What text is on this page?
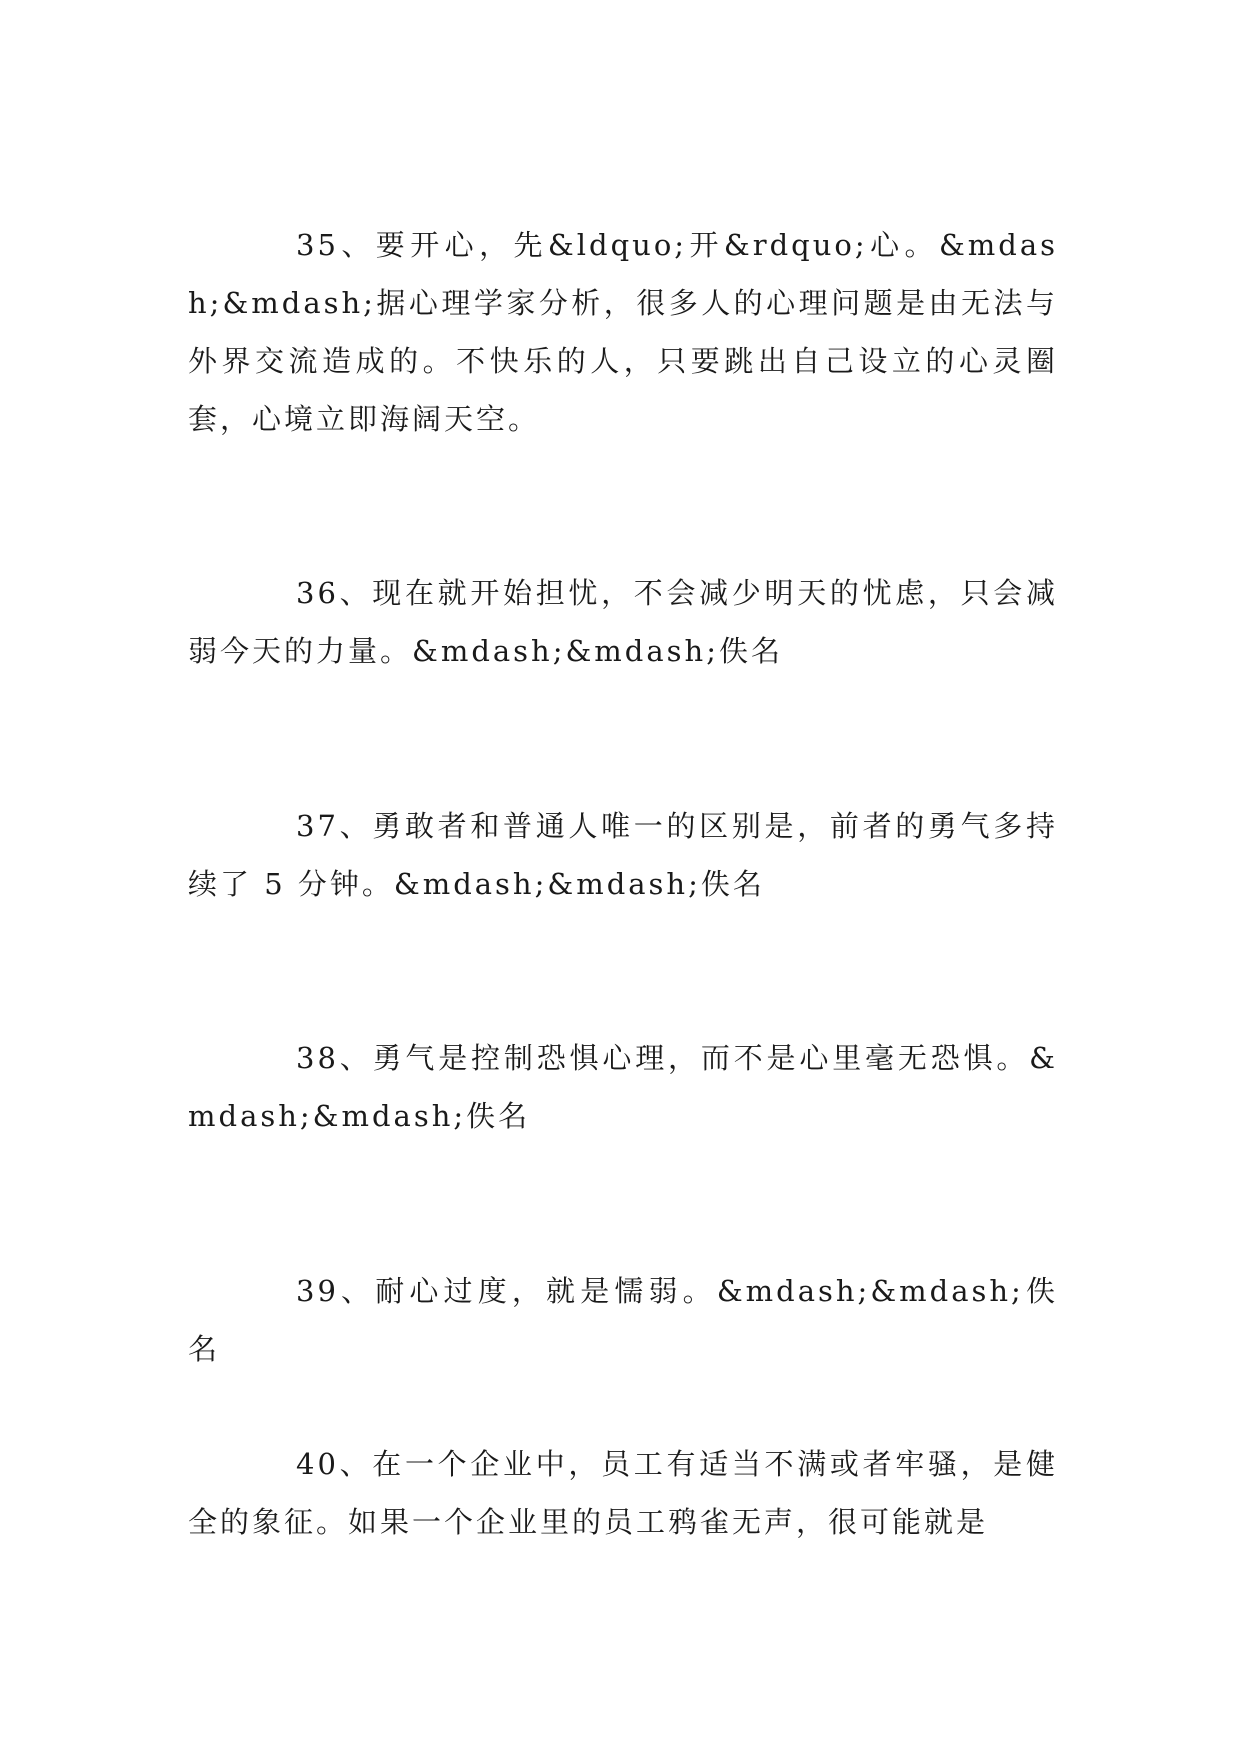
35、要开心，先&ldquo;开&rdquo;心。&mdash;&mdash;据心理学家分析，很多人的心理问题是由无法与外界交流造成的。不快乐的人，只要跳出自己设立的心灵圈套，心境立即海阔天空。

36、现在就开始担忧，不会减少明天的忧虑，只会减弱今天的力量。&mdash;&mdash;佚名

37、勇敢者和普通人唯一的区别是，前者的勇气多持续了 5 分钟。&mdash;&mdash;佚名

38、勇气是控制恐惧心理，而不是心里毫无恐惧。&mdash;&mdash;佚名

39、耐心过度，就是懦弱。&mdash;&mdash;佚名

40、在一个企业中，员工有适当不满或者牢骚，是健全的象征。如果一个企业里的员工鸦雀无声，很可能就是
